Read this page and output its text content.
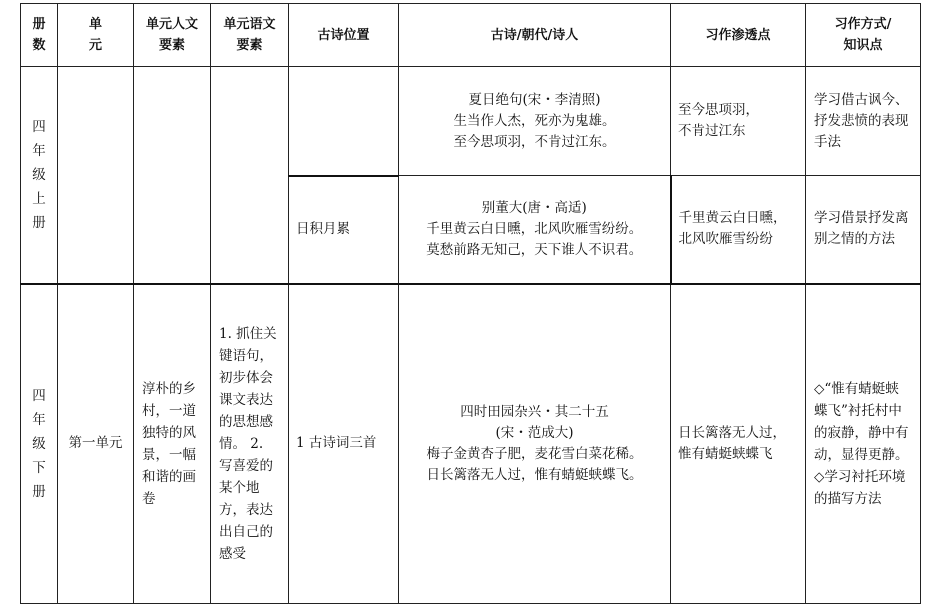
册
数	单
元	单元人文
要素	单元语文
要素	古诗位置	古诗/朝代/诗人	习作渗透点	习作方式/
知识点
四
年
级
上
册					夏日绝句(宋・李清照)
生当作人杰，死亦为鬼雄。
至今思项羽，不肯过江东。	至今思项羽，
不肯过江东	学习借古讽今、抒发悲愤的表现手法
				日积月累	别董大(唐・高适)
千里黄云白日曛，北风吹雁雪纷纷。
莫愁前路无知己，天下谁人不识君。	千里黄云白日曛，
北风吹雁雪纷纷	学习借景抒发离别之情的方法
四
年
级
下
册	第一单元	淳朴的乡村，一道独特的风景，一幅和谐的画卷	1. 抓住关键语句，初步体会课文表达的思想感情。 2. 写喜爱的某个地方，表达出自己的感受	1 古诗词三首	四时田园杂兴・其二十五
(宋・范成大)
梅子金黄杏子肥，麦花雪白菜花稀。
日长篱落无人过，惟有蜻蜓蛱蝶飞。	日长篱落无人过，
惟有蜻蜓蛱蝶飞	◇“惟有蜻蜓蛱蝶飞”衬托村中的寂静，静中有动，显得更静。
◇学习衬托环境的描写方法
